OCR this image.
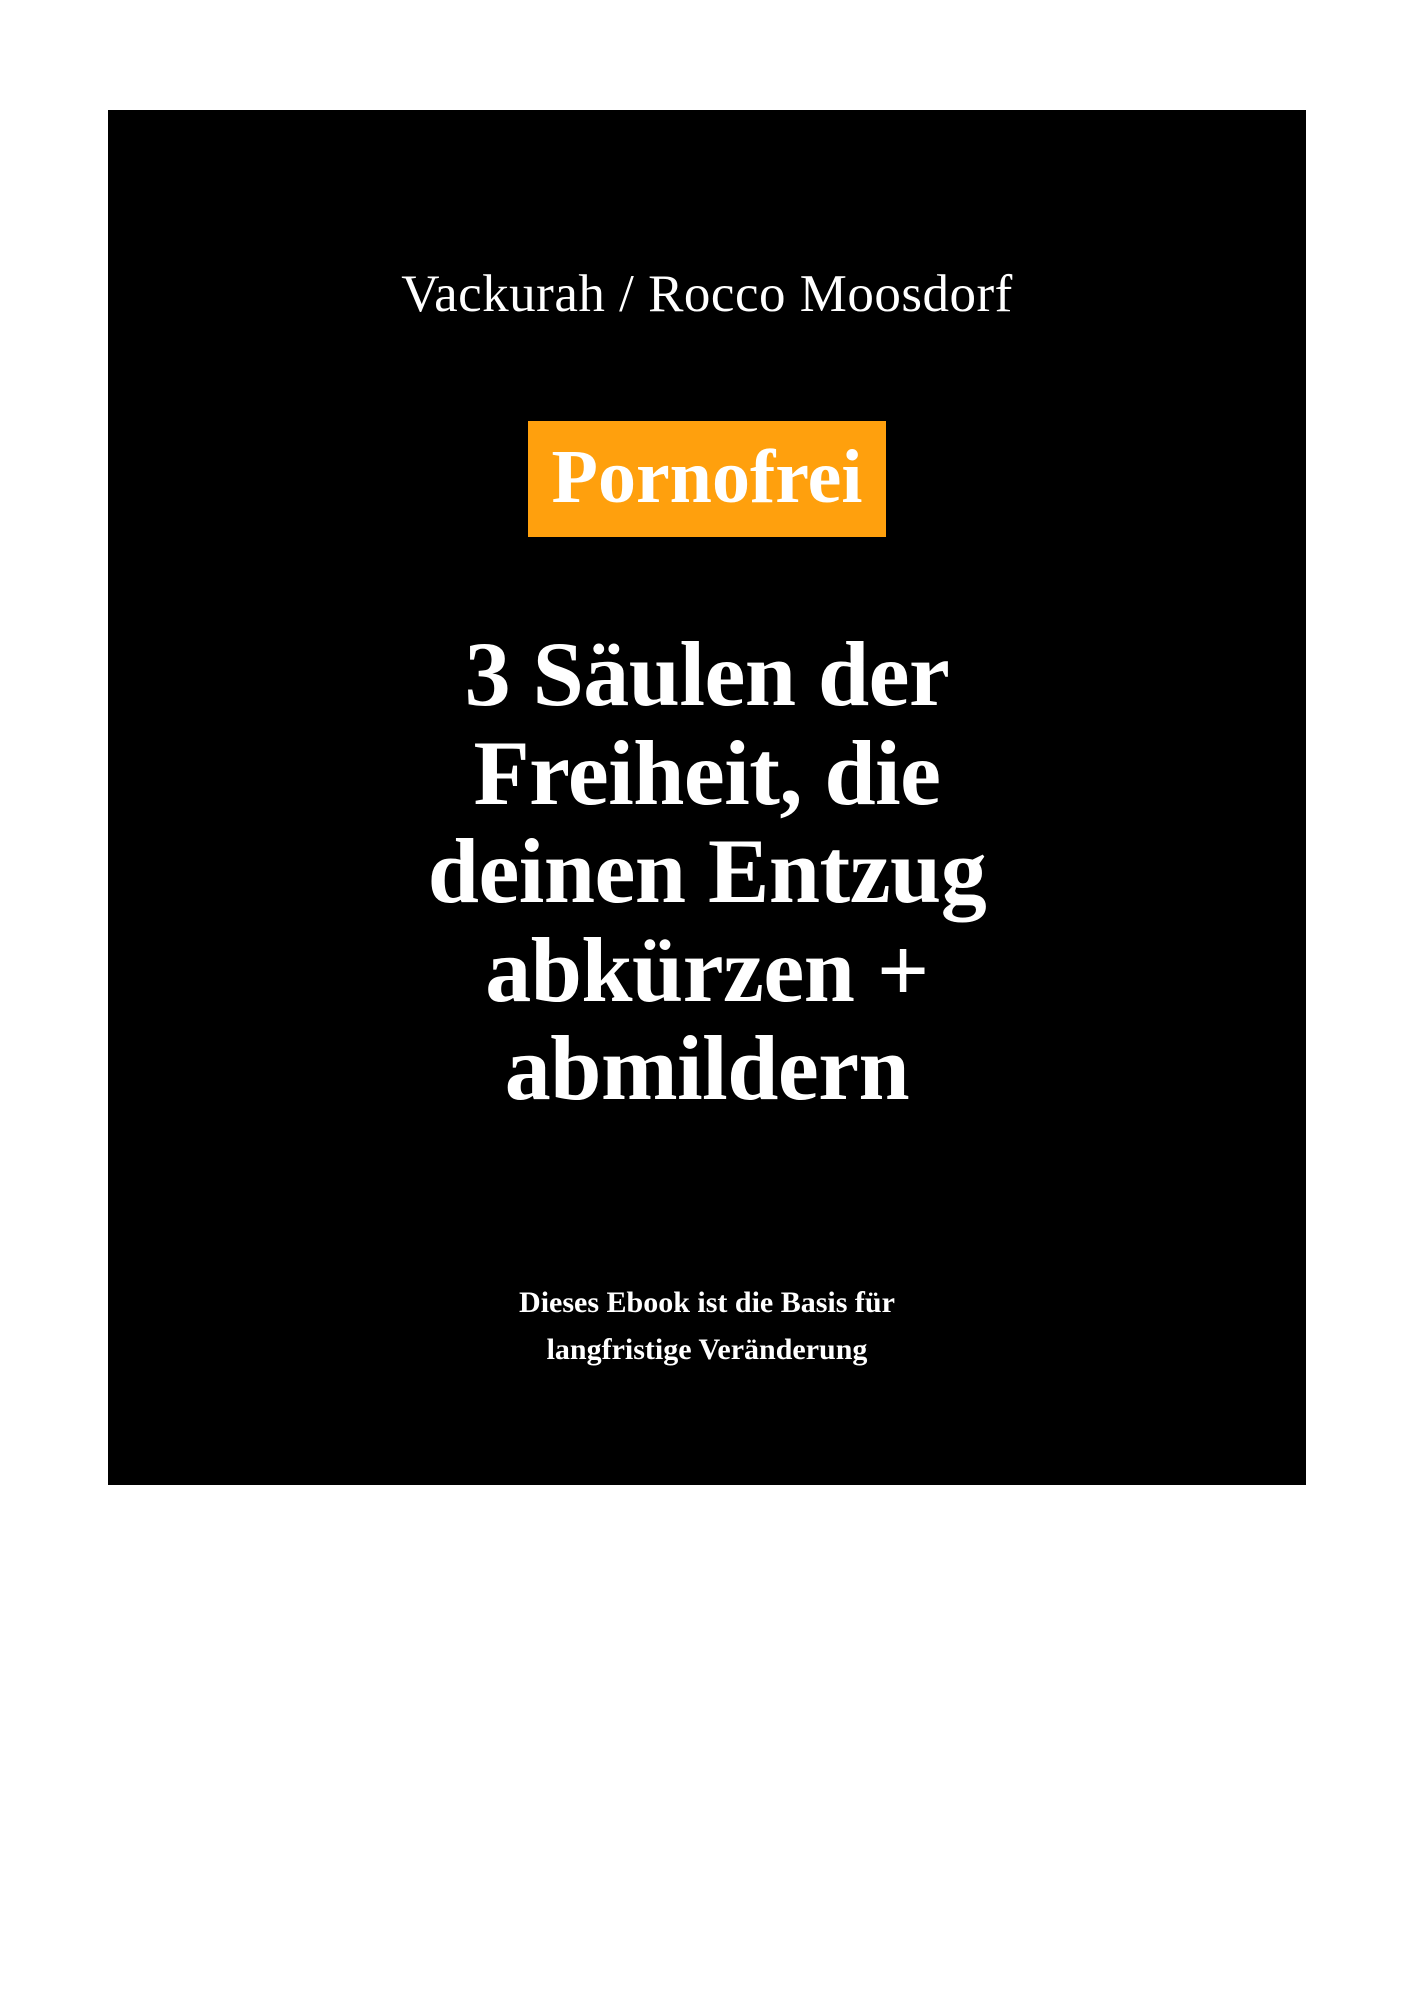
Vackurah / Rocco Moosdorf
Pornofrei
3 Säulen der Freiheit, die deinen Entzug abkürzen + abmildern
Dieses Ebook ist die Basis für
langfristige Veränderung
